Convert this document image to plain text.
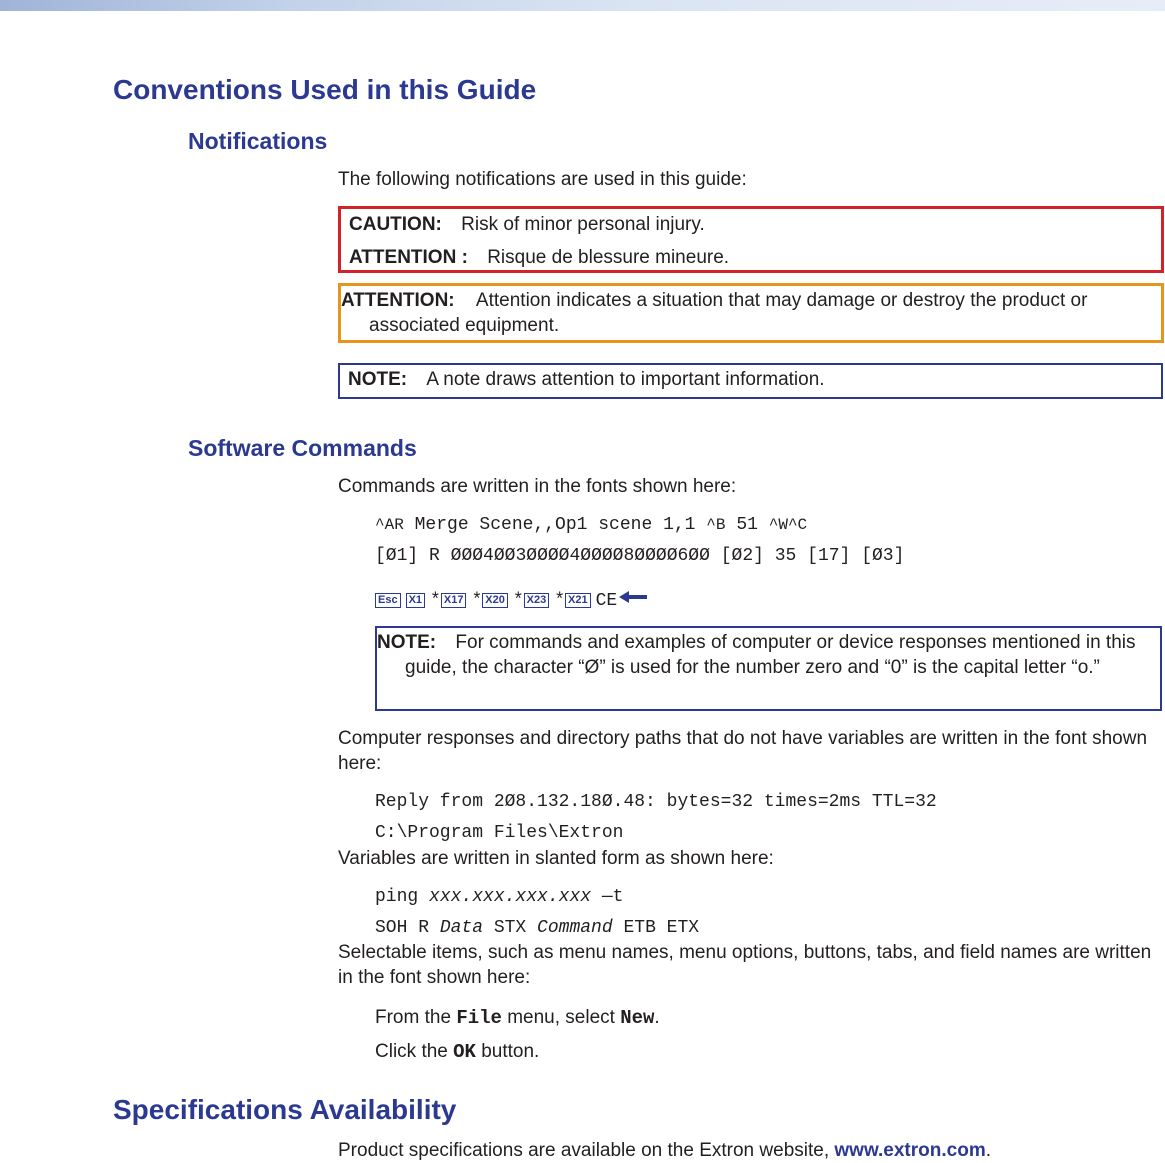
Conventions Used in this Guide
Notifications

The following notifications are used in this guide:

CAUTION: Risk of minor personal injury.
ATTENTION : Risque de blessure mineure.
ATTENTION: Attention indicates a situation that may damage or destroy the product or associated equipment.
NOTE: A note draws attention to important information.
Software Commands

Commands are written in the fonts shown here:

^AR Merge Scene,,Op1 scene 1,1 ^B 51 ^W^C
[Ø1] R ØØØ4ØØ3ØØØØ4ØØØØ8ØØØØ6ØØ [Ø2] 35 [17] [Ø3]
Esc X1 * X17 * X20 * X23 * X21 CE
NOTE: For commands and examples of computer or device responses mentioned in this guide, the character “Ø” is used for the number zero and “0” is the capital letter “o.”

Computer responses and directory paths that do not have variables are written in the font shown here:

Reply from 2Ø8.132.18Ø.48: bytes=32 times=2ms TTL=32
C:\Program Files\Extron

Variables are written in slanted form as shown here:

ping xxx.xxx.xxx.xxx —t
SOH R Data STX Command ETB ETX

Selectable items, such as menu names, menu options, buttons, tabs, and field names are written in the font shown here:

From the File menu, select New.
Click the OK button.
Specifications Availability

Product specifications are available on the Extron website, www.extron.com.
